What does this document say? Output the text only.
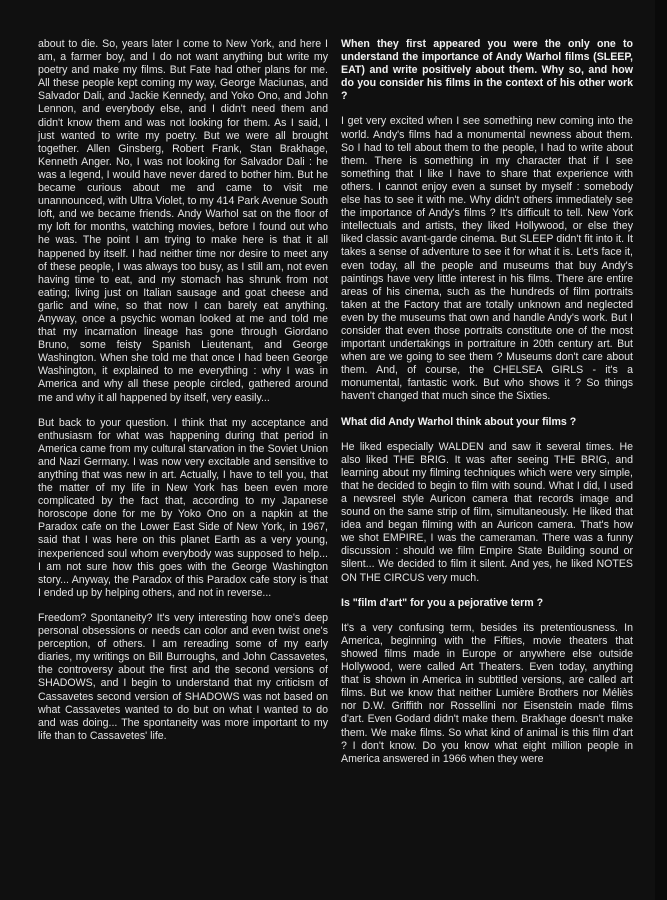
about to die. So, years later I come to New York, and here I am, a farmer boy, and I do not want anything but write my poetry and make my films. But Fate had other plans for me. All these people kept coming my way, George Maciunas, and Salvador Dali, and Jackie Kennedy, and Yoko Ono, and John Lennon, and everybody else, and I didn't need them and didn't know them and was not looking for them. As I said, I just wanted to write my poetry. But we were all brought together. Allen Ginsberg, Robert Frank, Stan Brakhage, Kenneth Anger. No, I was not looking for Salvador Dali : he was a legend, I would have never dared to bother him. But he became curious about me and came to visit me unannounced, with Ultra Violet, to my 414 Park Avenue South loft, and we became friends. Andy Warhol sat on the floor of my loft for months, watching movies, before I found out who he was. The point I am trying to make here is that it all happened by itself. I had neither time nor desire to meet any of these people, I was always too busy, as I still am, not even having time to eat, and my stomach has shrunk from not eating; living just on Italian sausage and goat cheese and garlic and wine, so that now I can barely eat anything. Anyway, once a psychic woman looked at me and told me that my incarnation lineage has gone through Giordano Bruno, some feisty Spanish Lieutenant, and George Washington. When she told me that once I had been George Washington, it explained to me everything : why I was in America and why all these people circled, gathered around me and why it all happened by itself, very easily...

But back to your question. I think that my acceptance and enthusiasm for what was happening during that period in America came from my cultural starvation in the Soviet Union and Nazi Germany. I was now very excitable and sensitive to anything that was new in art. Actually, I have to tell you, that the matter of my life in New York has been even more complicated by the fact that, according to my Japanese horoscope done for me by Yoko Ono on a napkin at the Paradox cafe on the Lower East Side of New York, in 1967, said that I was here on this planet Earth as a very young, inexperienced soul whom everybody was supposed to help... I am not sure how this goes with the George Washington story... Anyway, the Paradox of this Paradox cafe story is that I ended up by helping others, and not in reverse...

Freedom? Spontaneity? It's very interesting how one's deep personal obsessions or needs can color and even twist one's perception, of others. I am rereading some of my early diaries, my writings on Bill Burroughs, and John Cassavetes, the controversy about the first and the second versions of SHADOWS, and I begin to understand that my criticism of Cassavetes second version of SHADOWS was not based on what Cassavetes wanted to do but on what I wanted to do and was doing... The spontaneity was more important to my life than to Cassavetes' life.

When they first appeared you were the only one to understand the importance of Andy Warhol films (SLEEP, EAT) and write positively about them. Why so, and how do you consider his films in the context of his other work ?

I get very excited when I see something new coming into the world. Andy's films had a monumental newness about them. So I had to tell about them to the people, I had to write about them. There is something in my character that if I see something that I like I have to share that experience with others. I cannot enjoy even a sunset by myself : somebody else has to see it with me. Why didn't others immediately see the importance of Andy's films ? It's difficult to tell. New York intellectuals and artists, they liked Hollywood, or else they liked classic avant-garde cinema. But SLEEP didn't fit into it. It takes a sense of adventure to see it for what it is. Let's face it, even today, all the people and museums that buy Andy's paintings have very little interest in his films. There are entire areas of his cinema, such as the hundreds of film portraits taken at the Factory that are totally unknown and neglected even by the museums that own and handle Andy's work. But I consider that even those portraits constitute one of the most important undertakings in portraiture in 20th century art. But when are we going to see them ? Museums don't care about them. And, of course, the CHELSEA GIRLS - it's a monumental, fantastic work. But who shows it ? So things haven't changed that much since the Sixties.

What did Andy Warhol think about your films ?

He liked especially WALDEN and saw it several times. He also liked THE BRIG. It was after seeing THE BRIG, and learning about my filming techniques which were very simple, that he decided to begin to film with sound. What I did, I used a newsreel style Auricon camera that records image and sound on the same strip of film, simultaneously. He liked that idea and began filming with an Auricon camera. That's how we shot EMPIRE, I was the cameraman. There was a funny discussion : should we film Empire State Building sound or silent... We decided to film it silent. And yes, he liked NOTES ON THE CIRCUS very much.

Is "film d'art" for you a pejorative term ?

It's a very confusing term, besides its pretentiousness. In America, beginning with the Fifties, movie theaters that showed films made in Europe or anywhere else outside Hollywood, were called Art Theaters. Even today, anything that is shown in America in subtitled versions, are called art films. But we know that neither Lumière Brothers nor Méliès nor D.W. Griffith nor Rossellini nor Eisenstein made films d'art. Even Godard didn't make them. Brakhage doesn't make them. We make films. So what kind of animal is this film d'art ? I don't know. Do you know what eight million people in America answered in 1966 when they were
